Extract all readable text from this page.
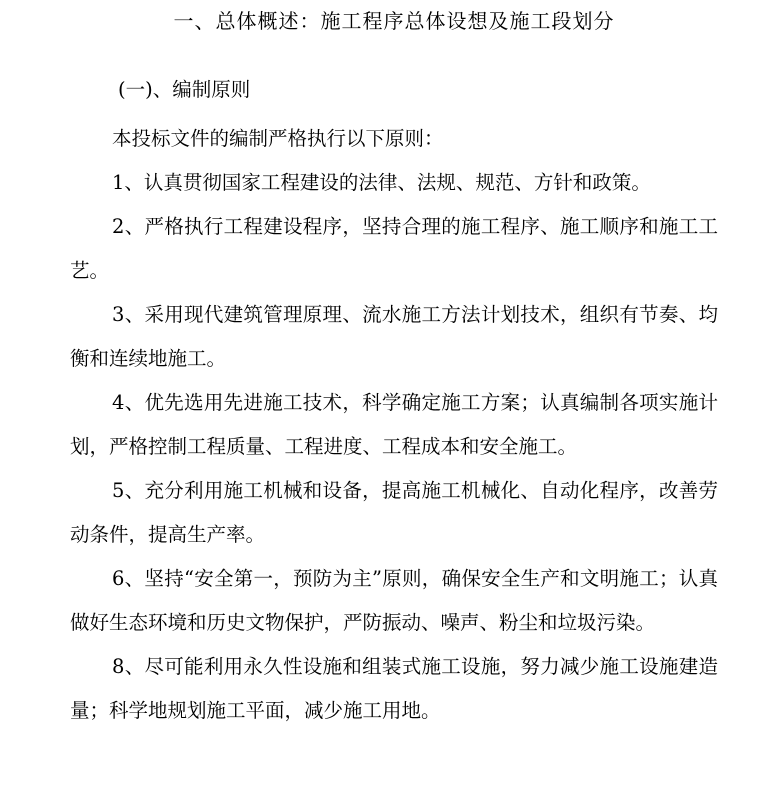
一、总体概述：施工程序总体设想及施工段划分
(一)、编制原则

本投标文件的编制严格执行以下原则：

1、认真贯彻国家工程建设的法律、法规、规范、方针和政策。

2、严格执行工程建设程序，坚持合理的施工程序、施工顺序和施工工艺。

3、采用现代建筑管理原理、流水施工方法计划技术，组织有节奏、均衡和连续地施工。

4、优先选用先进施工技术，科学确定施工方案；认真编制各项实施计划，严格控制工程质量、工程进度、工程成本和安全施工。

5、充分利用施工机械和设备，提高施工机械化、自动化程序，改善劳动条件，提高生产率。

6、坚持“安全第一，预防为主”原则，确保安全生产和文明施工；认真做好生态环境和历史文物保护，严防振动、噪声、粉尘和垃圾污染。

8、尽可能利用永久性设施和组装式施工设施，努力减少施工设施建造量；科学地规划施工平面，减少施工用地。
